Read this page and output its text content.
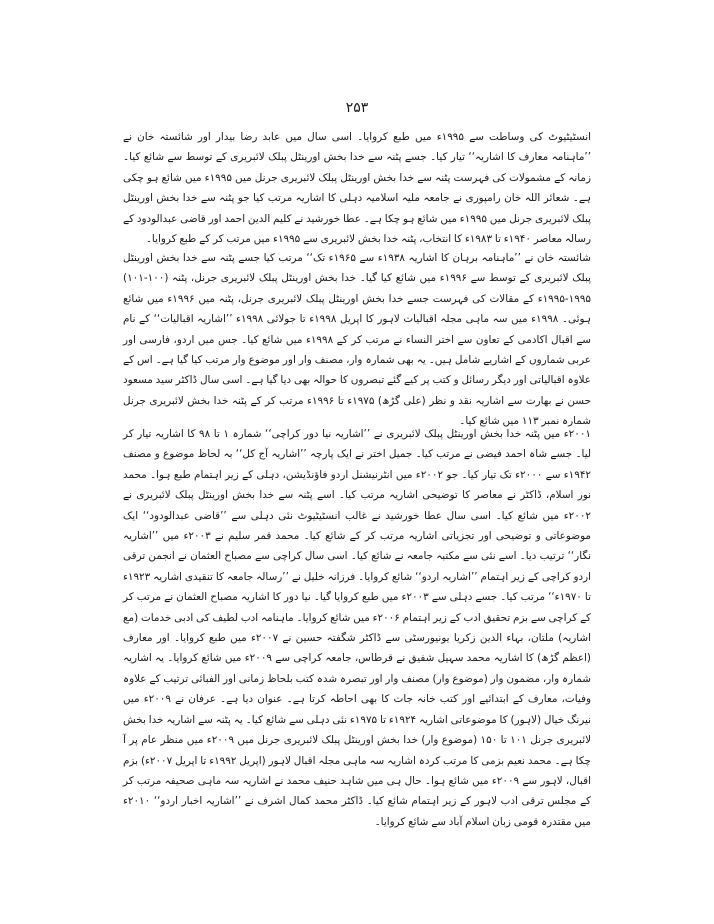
۲۵۳

انسٹیٹیوٹ کی وساطت سے ۱۹۹۵ء میں طبع کروایا۔ اسی سال میں عابد رضا بیدار اور شائستہ خان نے ’’ماہنامہ معارف کا اشاریہ‘‘ تیار کیا۔ جسے پٹنہ سے خدا بخش اورینٹل پبلک لائبریری کے توسط سے شائع کیا۔ زمانہ کے مشمولات کی فہرست پٹنہ سے خدا بخش اورینٹل پبلک لائبریری جرنل میں ۱۹۹۵ء میں شائع ہو چکی ہے۔ شعائر اللہ خان رامپوری نے جامعہ ملیہ اسلامیہ دہلی کا اشاریہ مرتب کیا جو پٹنہ سے خدا بخش اورینٹل پبلک لائبریری جرنل میں ۱۹۹۵ء میں شائع ہو چکا ہے۔ عطا خورشید نے کلیم الدین احمد اور قاضی عبدالودود کے رسالہ معاصر ۱۹۴۰ء تا ۱۹۸۳ء کا انتخاب، پٹنہ خدا بخش لائبریری سے ۱۹۹۵ء میں مرتب کر کے طبع کروایا۔

شائستہ خان نے ’’ماہنامہ برہان کا اشاریہ ۱۹۳۸ء سے ۱۹۶۵ء تک‘‘ مرتب کیا جسے پٹنہ سے خدا بخش اورینٹل پبلک لائبریری کے توسط سے ۱۹۹۶ء میں شائع کیا گیا۔ خدا بخش اورینٹل پبلک لائبریری جرنل، پٹنہ (۱۰۰-۱۰۱) ۱۹۹۵-۱۹۹۵ء کے مقالات کی فہرست جسے خدا بخش اورینٹل پبلک لائبریری جرنل، پٹنہ میں ۱۹۹۶ء میں شائع ہوئی۔ ۱۹۹۸ء میں سہ ماہی مجلہ اقبالیات لاہور کا اپریل ۱۹۹۸ء تا جولائی ۱۹۹۸ء ’’اشاریہ اقبالیات‘‘ کے نام سے اقبال اکادمی کے تعاون سے اختر النساء نے مرتب کر کے ۱۹۹۸ء میں شائع کیا۔ جس میں اردو، فارسی اور عربی شماروں کے اشاریے شامل ہیں۔ یہ بھی شمارہ وار، مصنف وار اور موضوع وار مرتب کیا گیا ہے۔ اس کے علاوہ اقبالیاتی اور دیگر رسائل و کتب پر کیے گئے تبصروں کا حوالہ بھی دیا گیا ہے۔ اسی سال ڈاکٹر سید مسعود حسن نے بھارت سے اشاریہ نقد و نظر (علی گڑھ) ۱۹۷۵ء تا ۱۹۹۶ء مرتب کر کے پٹنہ خدا بخش لائبریری جرنل شمارہ نمبر ۱۱۳ میں شائع کیا۔

۲۰۰۱ء میں پٹنہ خدا بخش اورینٹل پبلک لائبریری نے ’’اشاریہ نیا دور کراچی‘‘ شمارہ ۱ تا ۹۸ کا اشاریہ تیار کر لیا۔ جسے شاہ احمد فیضی نے مرتب کیا۔ جمیل اختر نے ایک پارچہ ’’اشاریہ آج کل‘‘ بہ لحاظ موضوع و مصنف ۱۹۴۲ء سے ۲۰۰۰ء تک تیار کیا۔ جو ۲۰۰۲ء میں انٹرنیشنل اردو فاؤنڈیشن، دہلی کے زیر اہتمام طبع ہوا۔ محمد نور اسلام، ڈاکٹر نے معاصر کا توضیحی اشاریہ مرتب کیا۔ اسے پٹنہ سے خدا بخش اورینٹل پبلک لائبریری نے ۲۰۰۲ء میں شائع کیا۔ اسی سال عطا خورشید نے غالب انسٹیٹیوٹ نئی دہلی سے ’’قاضی عبدالودود‘‘ ایک موضوعاتی و توضیحی اور تجزیاتی اشاریہ مرتب کر کے شائع کیا۔ محمد قمر سلیم نے ۲۰۰۳ء میں ’’اشاریہ نگار‘‘ ترتیب دیا۔ اسے نئی سے مکتبہ جامعہ نے شائع کیا۔ اسی سال کراچی سے مصباح العثمان نے انجمن ترقی اردو کراچی کے زیر اہتمام ’’اشاریہ اردو‘‘ شائع کروایا۔ فرزانہ خلیل نے ’’رسالہ جامعہ کا تنقیدی اشاریہ ۱۹۲۳ء تا ۱۹۷۰ء‘‘ مرتب کیا۔ جسے دہلی سے ۲۰۰۳ء میں طبع کروایا گیا۔ نیا دور کا اشاریہ مصباح العثمان نے مرتب کر کے کراچی سے بزم تحقیق ادب کے زیر اہتمام ۲۰۰۶ء میں شائع کروایا۔ ماہنامہ ادب لطیف کی ادبی خدمات (مع اشاریہ) ملتان، بہاء الدین زکریا یونیورسٹی سے ڈاکٹر شگفتہ حسین نے ۲۰۰۷ء میں طبع کروایا۔ اور معارف (اعظم گڑھ) کا اشاریہ محمد سہیل شفیق نے قرطاس، جامعہ کراچی سے ۲۰۰۹ء میں شائع کروایا۔ یہ اشاریہ شمارہ وار، مضمون وار (موضوع وار) مصنف وار اور تبصرہ شدہ کتب بلحاظ زمانی اور الفبائی ترتیب کے علاوہ وفیات، معارف کے ابتدائیے اور کتب خانہ جات کا بھی احاطہ کرتا ہے۔ عنوان دیا ہے۔ عرفان نے ۲۰۰۹ء میں نیرنگ خیال (لاہور) کا موضوعاتی اشاریہ ۱۹۲۴ء تا ۱۹۷۵ء نئی دہلی سے شائع کیا۔ یہ پٹنہ سے اشاریہ خدا بخش لائبریری جرنل ۱۰۱ تا ۱۵۰ (موضوع وار) خدا بخش اورینٹل پبلک لائبریری جرنل میں ۲۰۰۹ء میں منظر عام پر آ چکا ہے۔ محمد نعیم بزمی کا مرتب کردہ اشاریہ سہ ماہی مجلہ اقبال لاہور (اپریل ۱۹۹۲ء تا اپریل ۲۰۰۷ء) بزم اقبال، لاہور سے ۲۰۰۹ء میں شائع ہوا۔ حال ہی میں شاہد حنیف محمد نے اشاریہ سہ ماہی صحیفہ مرتب کر کے مجلس ترقی ادب لاہور کے زیر اہتمام شائع کیا۔ ڈاکٹر محمد کمال اشرف نے ’’اشاریہ اخبار اردو‘‘ ۲۰۱۰ء میں مقتدرہ قومی زبان اسلام آباد سے شائع کروایا۔
